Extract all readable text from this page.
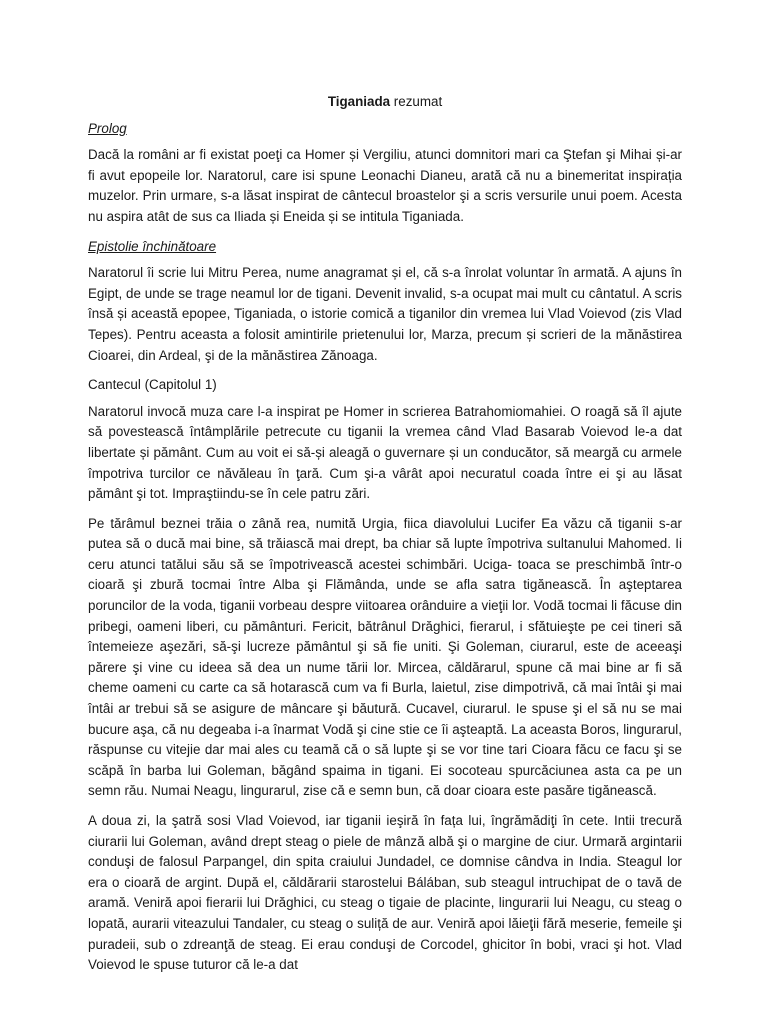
Tiganiada rezumat
Prolog

Dacă la români ar fi existat poeţi ca Homer și Vergiliu, atunci domnitori mari ca Ştefan şi Mihai și-ar fi avut epopeile lor. Naratorul, care isi spune Leonachi Dianeu, arată că nu a binemeritat inspirația muzelor. Prin urmare, s-a lăsat inspirat de cântecul broastelor şi a scris versurile unui poem. Acesta nu aspira atât de sus ca Iliada și Eneida și se intitula Tiganiada.

Epistolie închinătoare

Naratorul îi scrie lui Mitru Perea, nume anagramat și el, că s-a înrolat voluntar în armată. A ajuns în Egipt, de unde se trage neamul lor de tigani. Devenit invalid, s-a ocupat mai mult cu cântatul. A scris însă și această epopee, Tiganiada, o istorie comică a tiganilor din vremea lui Vlad Voievod (zis Vlad Tepes). Pentru aceasta a folosit amintirile prietenului lor, Marza, precum și scrieri de la mănăstirea Cioarei, din Ardeal, şi de la mănăstirea Zănoaga.

Cantecul (Capitolul 1)

Naratorul invocă muza care l-a inspirat pe Homer in scrierea Batrahomiomahiei. O roagă să îl ajute să povestească întâmplările petrecute cu tiganii la vremea când Vlad Basarab Voievod le-a dat libertate și pământ. Cum au voit ei să-și aleagă o guvernare și un conducător, să meargă cu armele împotriva turcilor ce năvăleau în ţară. Cum şi-a vârât apoi necuratul coada între ei şi au lăsat pământ şi tot. Impraştiindu-se în cele patru zări.

Pe tărâmul beznei trăia o zână rea, numită Urgia, fiica diavolului Lucifer Ea văzu că tiganii s-ar putea să o ducă mai bine, să trăiască mai drept, ba chiar să lupte împotriva sultanului Mahomed. Ii ceru atunci tatălui său să se împotrivească acestei schimbări. Uciga- toaca se preschimbă într-o cioară şi zbură tocmai între Alba şi Flămânda, unde se afla satra tigănească. În aşteptarea poruncilor de la voda, tiganii vorbeau despre viitoarea orânduire a vieţii lor. Vodă tocmai li făcuse din pribegi, oameni liberi, cu pământuri. Fericit, bătrânul Drăghici, fierarul, i sfătuieşte pe cei tineri să întemeieze aşezări, să-şi lucreze pământul şi să fie uniti. Şi Goleman, ciurarul, este de aceeaşi părere şi vine cu ideea să dea un nume tării lor. Mircea, căldărarul, spune că mai bine ar fi să cheme oameni cu carte ca să hotarască cum va fi Burla, laietul, zise dimpotrivă, că mai întâi şi mai întâi ar trebui să se asigure de mâncare şi băutură. Cucavel, ciurarul. Ie spuse şi el să nu se mai bucure aşa, că nu degeaba i-a înarmat Vodă şi cine stie ce îi aşteaptă. La aceasta Boros, lingurarul, răspunse cu vitejie dar mai ales cu teamă că o să lupte şi se vor tine tari Cioara făcu ce facu şi se scăpă în barba lui Goleman, băgând spaima in tigani. Ei socoteau spurcăciunea asta ca pe un semn rău. Numai Neagu, lingurarul, zise că e semn bun, că doar cioara este pasăre tigănească.

A doua zi, la şatră sosi Vlad Voievod, iar tiganii ieşiră în fața lui, îngrămădiţi în cete. Intii trecură ciurarii lui Goleman, având drept steag o piele de mânză albă şi o margine de ciur. Urmară argintarii conduşi de falosul Parpangel, din spita craiului Jundadel, ce domnise cândva in India. Steagul lor era o cioară de argint. După el, căldărarii starostelui Bálában, sub steagul intruchipat de o tavă de aramă. Veniră apoi fierarii lui Drăghici, cu steag o tigaie de placinte, lingurarii lui Neagu, cu steag o lopată, aurarii viteazului Tandaler, cu steag o suliță de aur. Veniră apoi lăieţii fără meserie, femeile şi puradeii, sub o zdreanţă de steag. Ei erau conduşi de Corcodel, ghicitor în bobi, vraci şi hot. Vlad Voievod le spuse tuturor că le-a dat
